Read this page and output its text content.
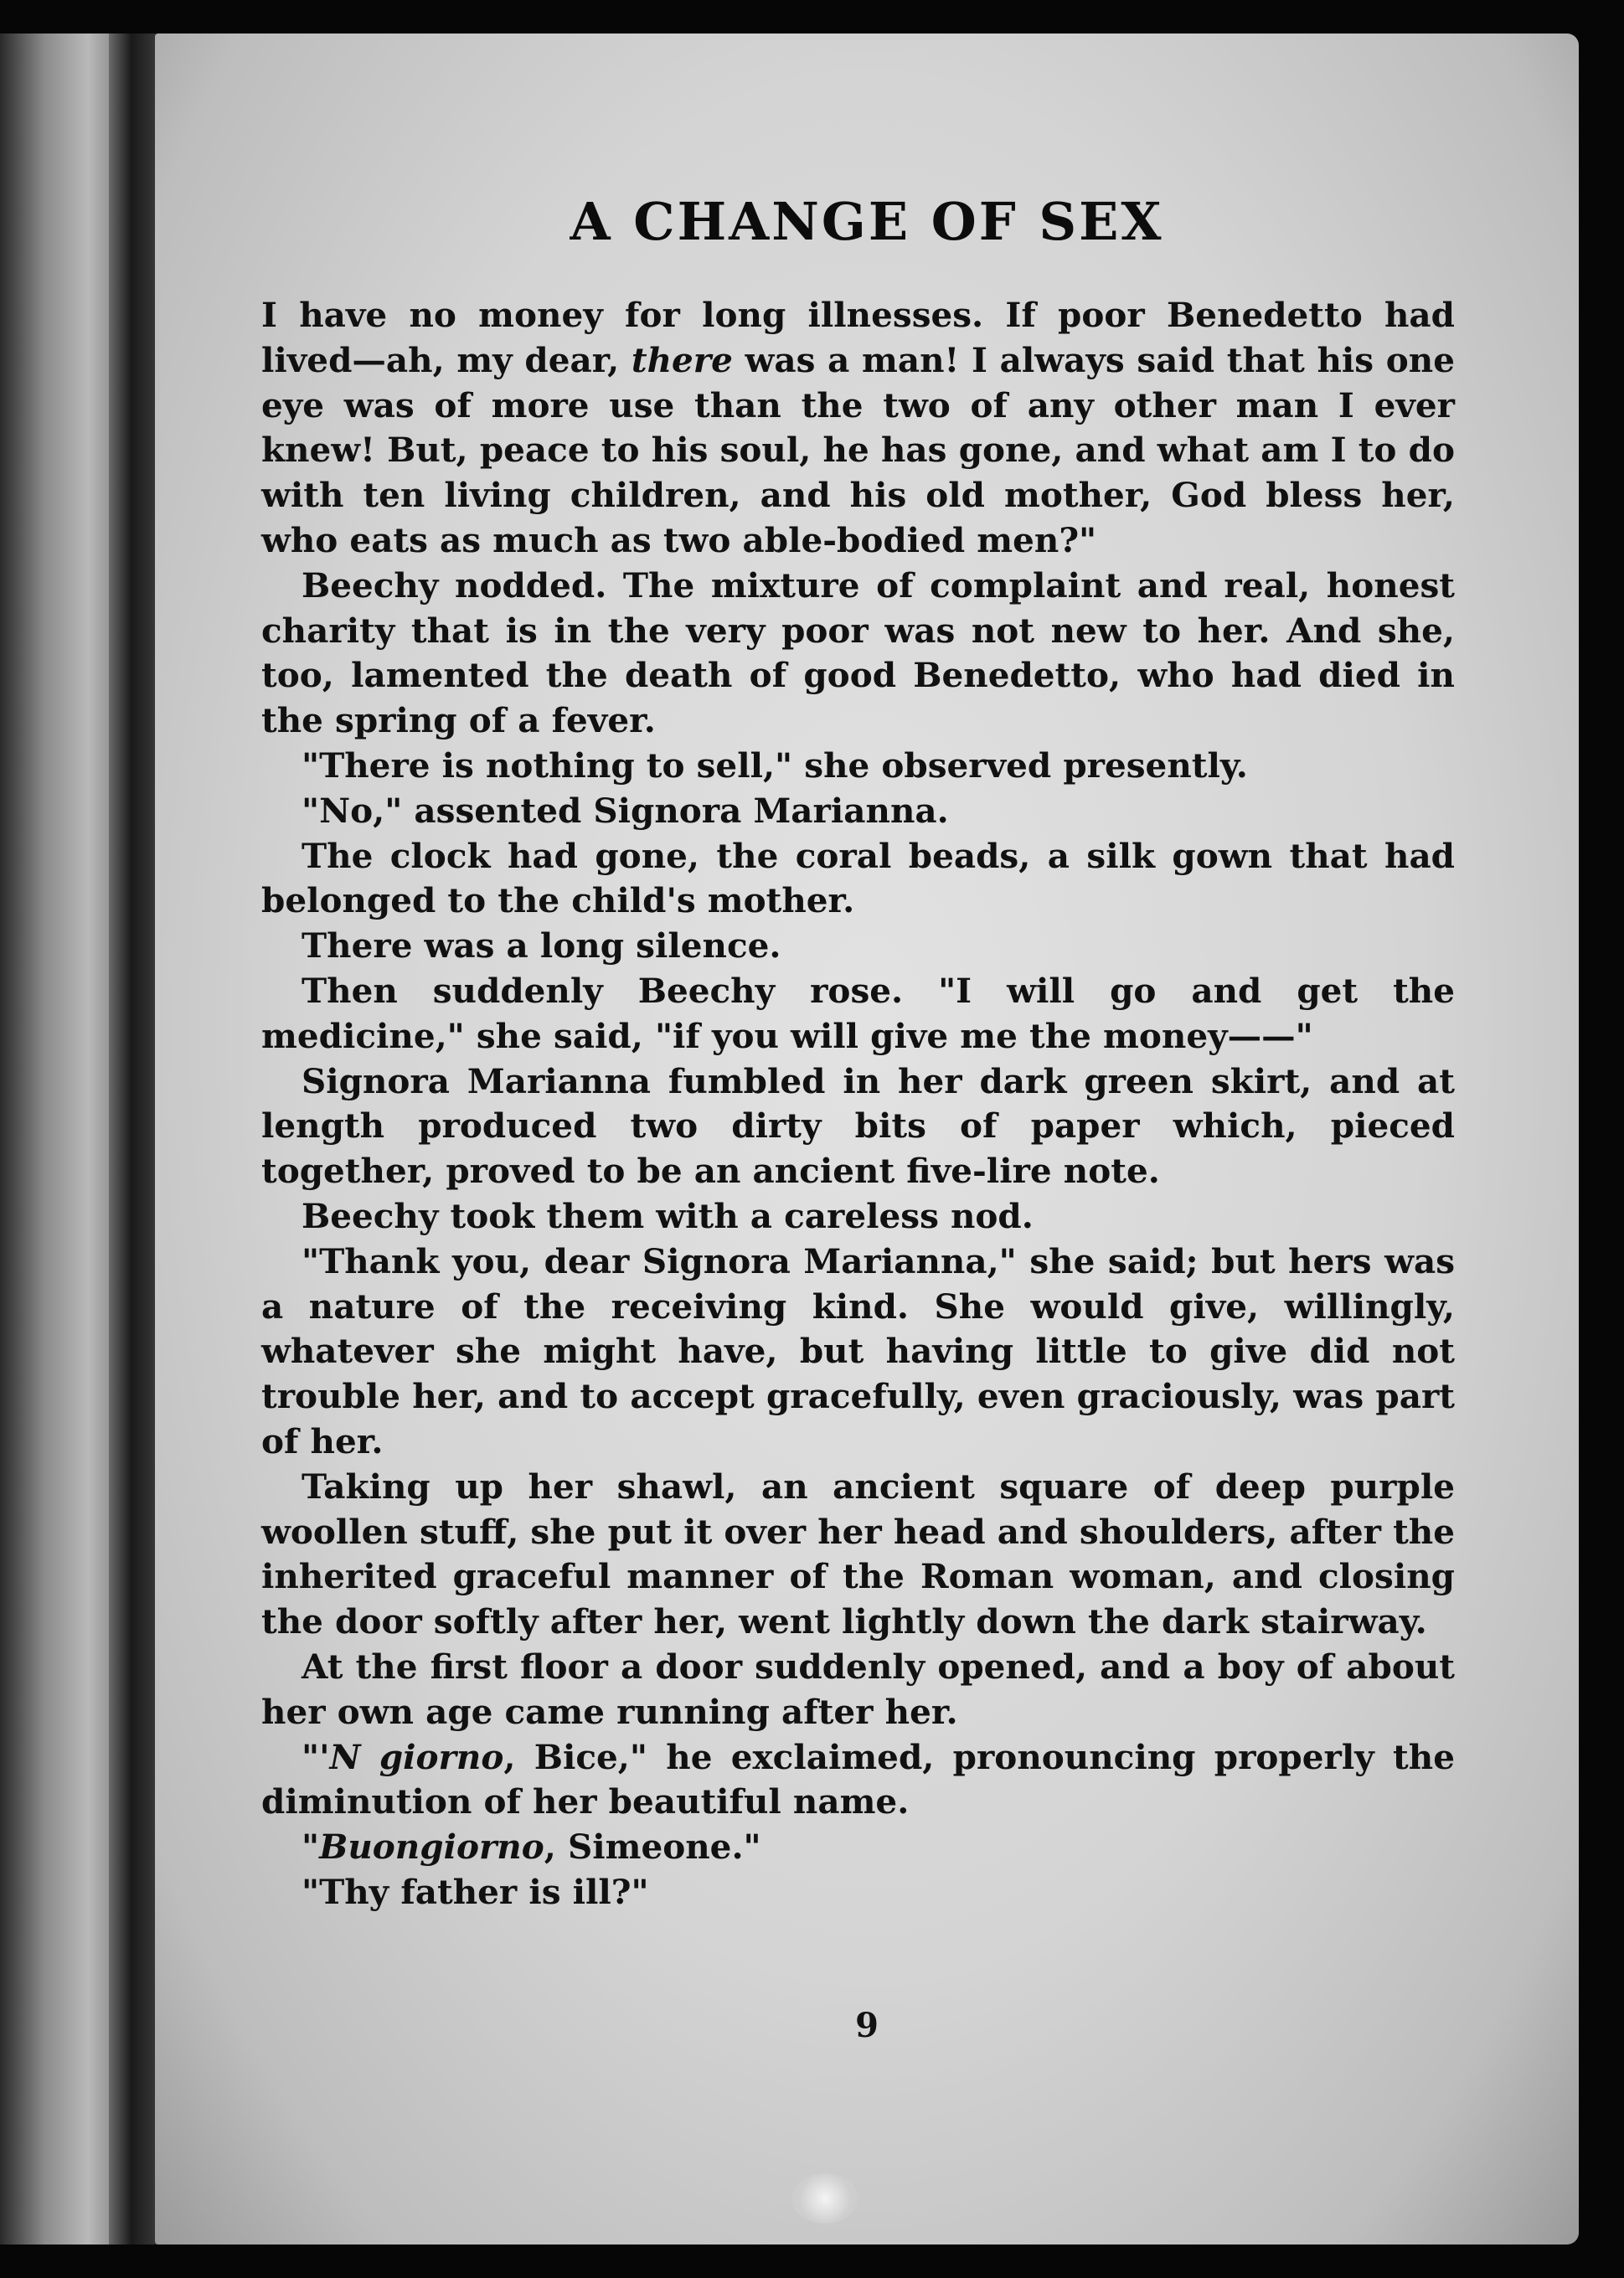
A CHANGE OF SEX

I have no money for long illnesses. If poor Benedetto had lived—ah, my dear, there was a man! I always said that his one eye was of more use than the two of any other man I ever knew! But, peace to his soul, he has gone, and what am I to do with ten living children, and his old mother, God bless her, who eats as much as two able-bodied men?"

Beechy nodded. The mixture of complaint and real, honest charity that is in the very poor was not new to her. And she, too, lamented the death of good Benedetto, who had died in the spring of a fever.

"There is nothing to sell," she observed presently.

"No," assented Signora Marianna.

The clock had gone, the coral beads, a silk gown that had belonged to the child's mother.

There was a long silence.

Then suddenly Beechy rose. "I will go and get the medicine," she said, "if you will give me the money——"

Signora Marianna fumbled in her dark green skirt, and at length produced two dirty bits of paper which, pieced together, proved to be an ancient five-lire note.

Beechy took them with a careless nod.

"Thank you, dear Signora Marianna," she said; but hers was a nature of the receiving kind. She would give, willingly, whatever she might have, but having little to give did not trouble her, and to accept gracefully, even graciously, was part of her.

Taking up her shawl, an ancient square of deep purple woollen stuff, she put it over her head and shoulders, after the inherited graceful manner of the Roman woman, and closing the door softly after her, went lightly down the dark stairway.

At the first floor a door suddenly opened, and a boy of about her own age came running after her.

"'N giorno, Bice," he exclaimed, pronouncing properly the diminution of her beautiful name.

"Buongiorno, Simeone."

"Thy father is ill?"

9
